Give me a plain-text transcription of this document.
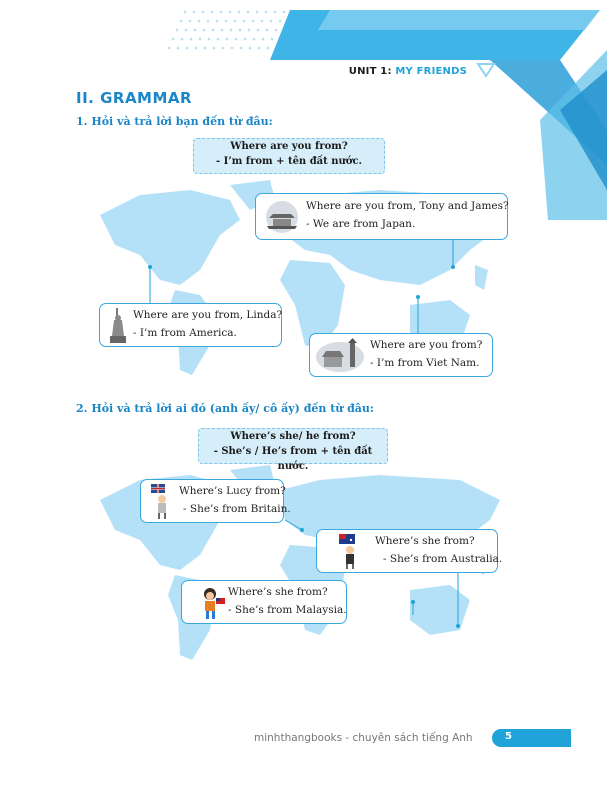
UNIT 1: MY FRIENDS
II. GRAMMAR
1. Hỏi và trả lời bạn đến từ đâu:
Where are you from?
- I’m from + tên đất nước.
Where are you from, Tony and James?
- We are from Japan.
Where are you from, Linda?
- I’m from America.
Where are you from?
- I’m from Viet Nam.
2. Hỏi và trả lời ai đó (anh ấy/ cô ấy) đến từ đâu:
Where’s she/ he from?
- She’s / He’s from + tên đất nước.
Where’s Lucy from?
- She’s from Britain.
Where’s she from?
- She’s from Australia.
Where’s she from?
- She’s from Malaysia.
minhthangbooks - chuyên sách tiếng Anh	5
